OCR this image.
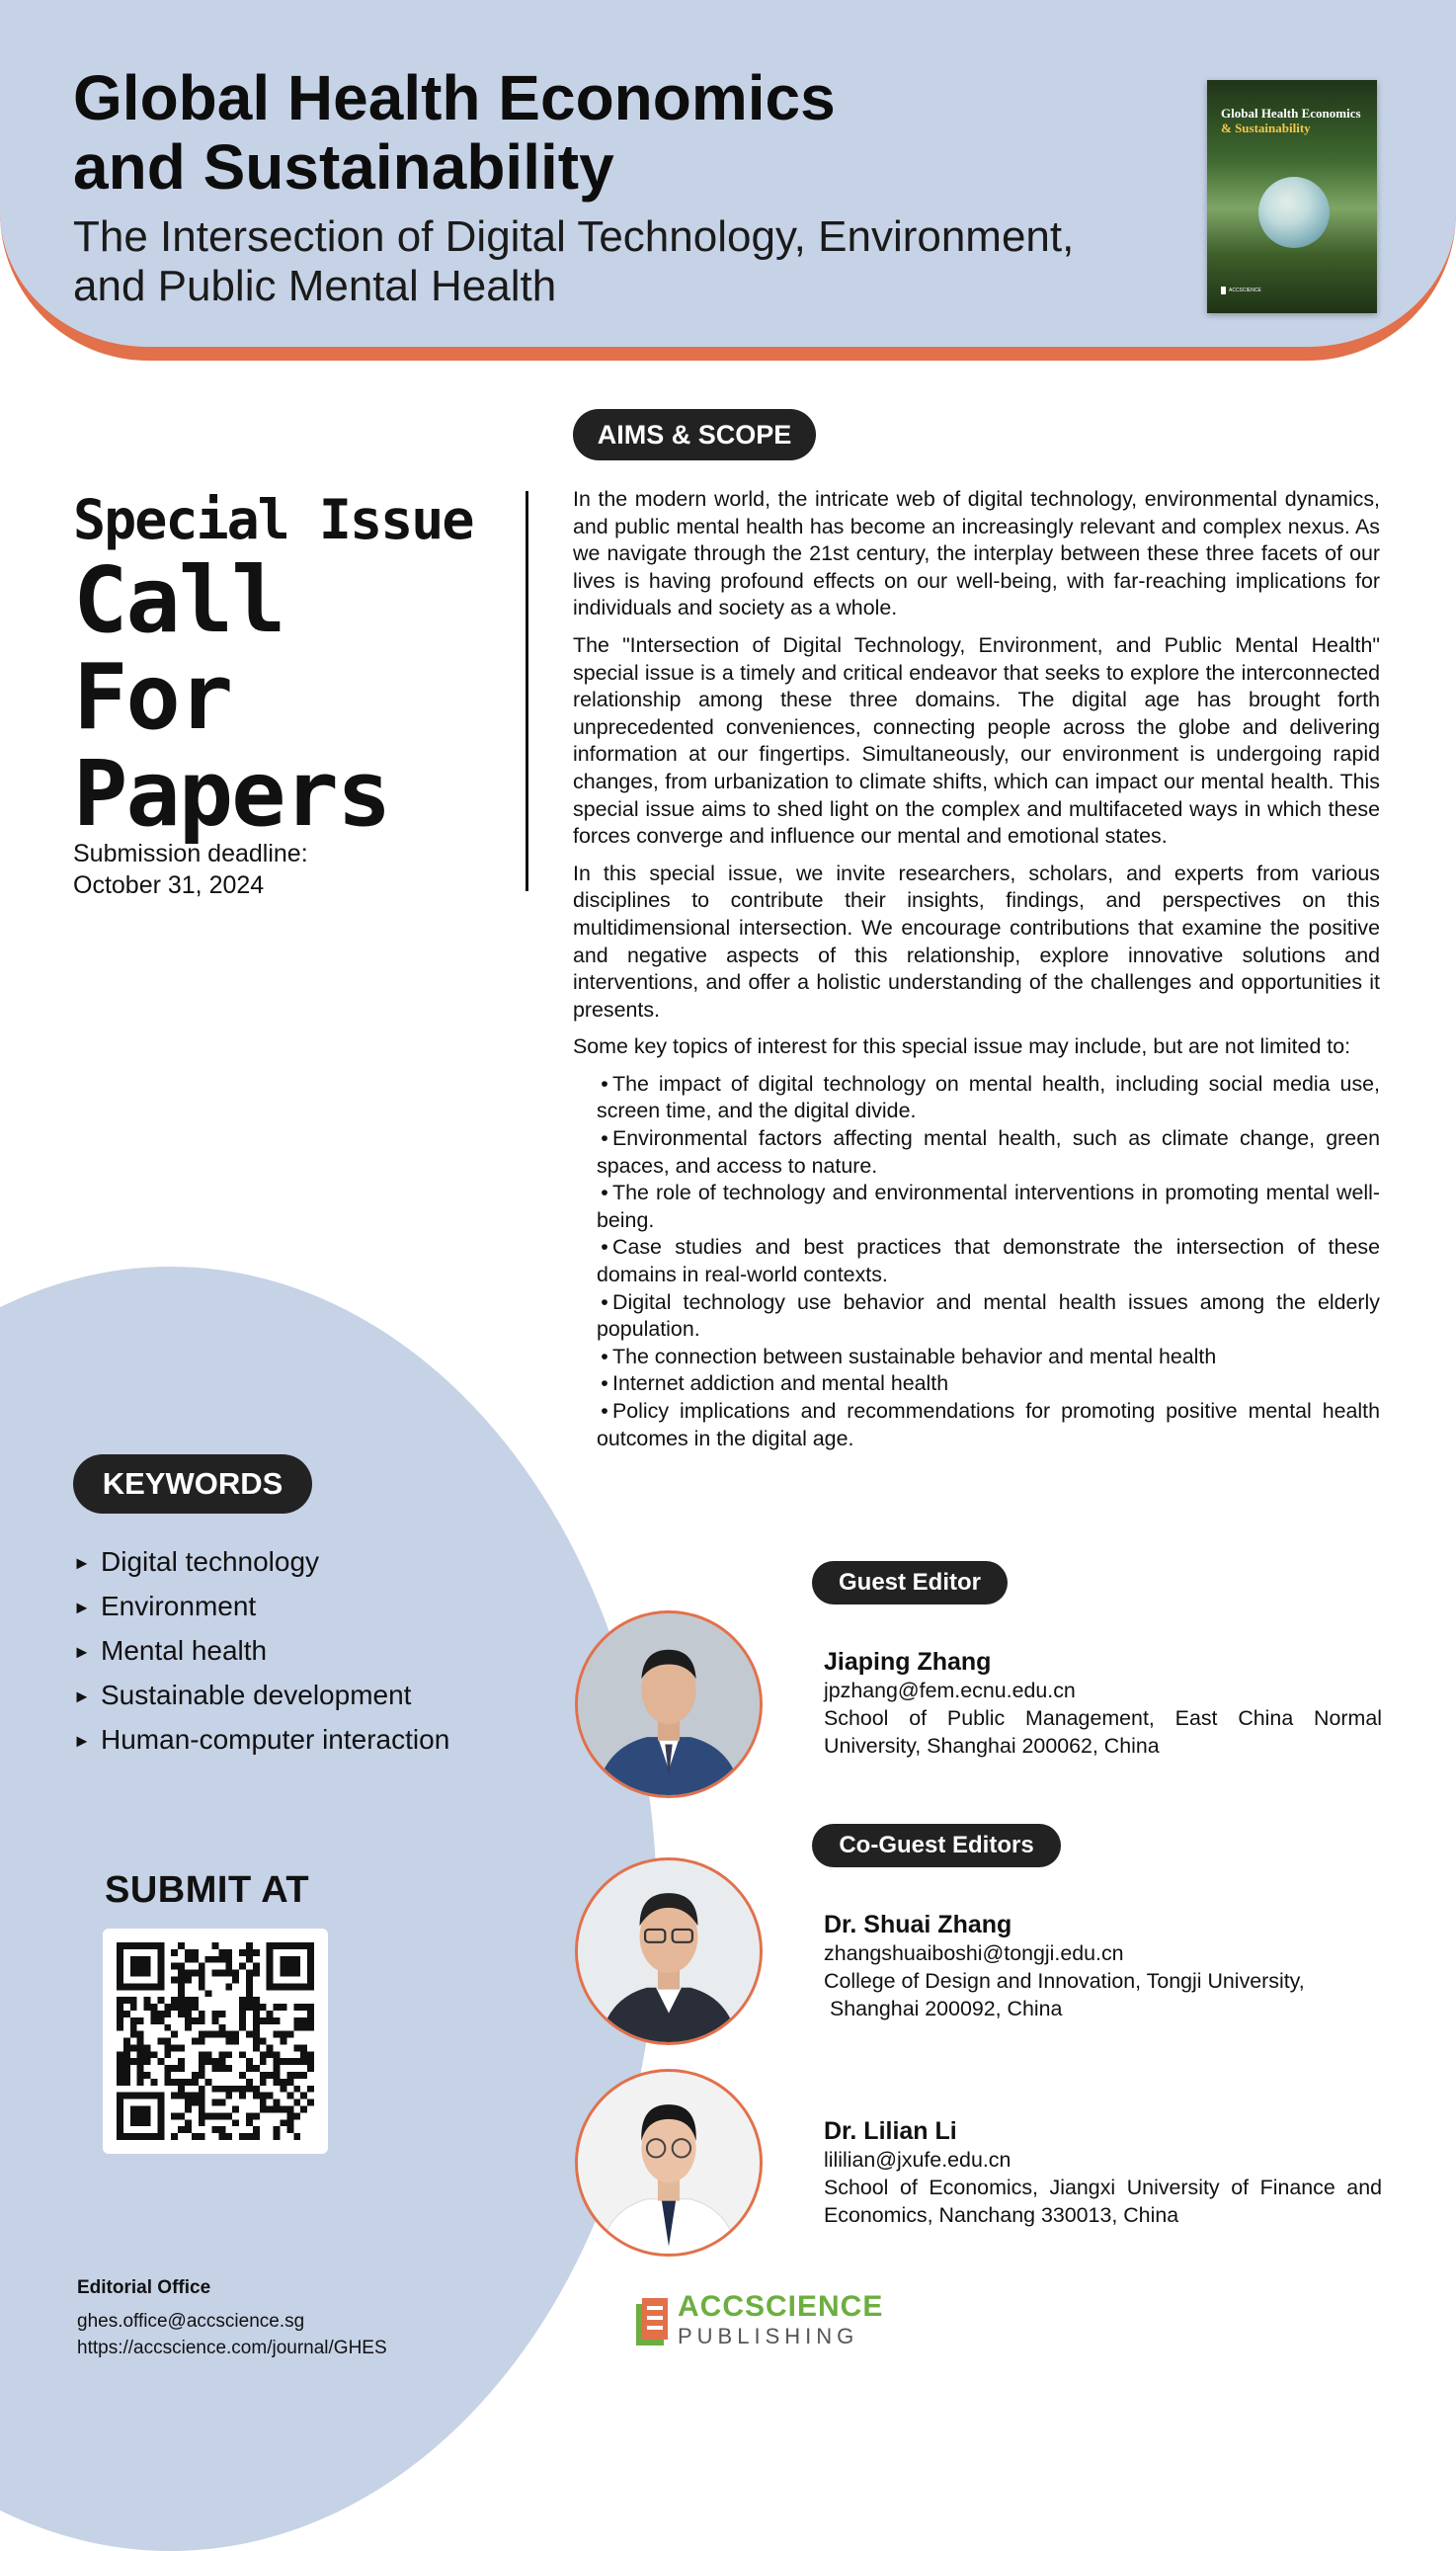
Global Health Economics
and Sustainability
The Intersection of Digital Technology, Environment,
and Public Mental Health
Global Health Economics
& Sustainability
ACCSCIENCE
Special Issue
Call
For
Papers
Submission deadline:
October 31, 2024
AIMS & SCOPE

In the modern world, the intricate web of digital technology, environmental dynamics, and public mental health has become an increasingly relevant and complex nexus. As we navigate through the 21st century, the interplay between these three facets of our lives is having profound effects on our well-being, with far-reaching implications for individuals and society as a whole.

The "Intersection of Digital Technology, Environment, and Public Mental Health" special issue is a timely and critical endeavor that seeks to explore the interconnected relationship among these three domains. The digital age has brought forth unprecedented conveniences, connecting people across the globe and delivering information at our fingertips. Simultaneously, our environment is undergoing rapid changes, from urbanization to climate shifts, which can impact our mental health. This special issue aims to shed light on the complex and multifaceted ways in which these forces converge and influence our mental and emotional states.

In this special issue, we invite researchers, scholars, and experts from various disciplines to contribute their insights, findings, and perspectives on this multidimensional intersection. We encourage contributions that examine the positive and negative aspects of this relationship, explore innovative solutions and interventions, and offer a holistic understanding of the challenges and opportunities it presents.

Some key topics of interest for this special issue may include, but are not limited to:

• The impact of digital technology on mental health, including social media use, screen time, and the digital divide.
• Environmental factors affecting mental health, such as climate change, green spaces, and access to nature.
• The role of technology and environmental interventions in promoting mental well-being.
• Case studies and best practices that demonstrate the intersection of these domains in real-world contexts.
• Digital technology use behavior and mental health issues among the elderly population.
• The connection between sustainable behavior and mental health
• Internet addiction and mental health
• Policy implications and recommendations for promoting positive mental health outcomes in the digital age.
KEYWORDS
► Digital technology
► Environment
► Mental health
► Sustainable development
► Human-computer interaction
SUBMIT AT
Guest Editor
Jiaping Zhang
jpzhang@fem.ecnu.edu.cn
School of Public Management, East China Normal University, Shanghai 200062, China
Co-Guest Editors
Dr. Shuai Zhang
zhangshuaiboshi@tongji.edu.cn
College of Design and Innovation, Tongji University,
Shanghai 200092, China
Dr. Lilian Li
lililian@jxufe.edu.cn
School of Economics, Jiangxi University of Finance and Economics, Nanchang 330013, China
Editorial Office
ghes.office@accscience.sg
https://accscience.com/journal/GHES
ACCSCIENCE
PUBLISHING
